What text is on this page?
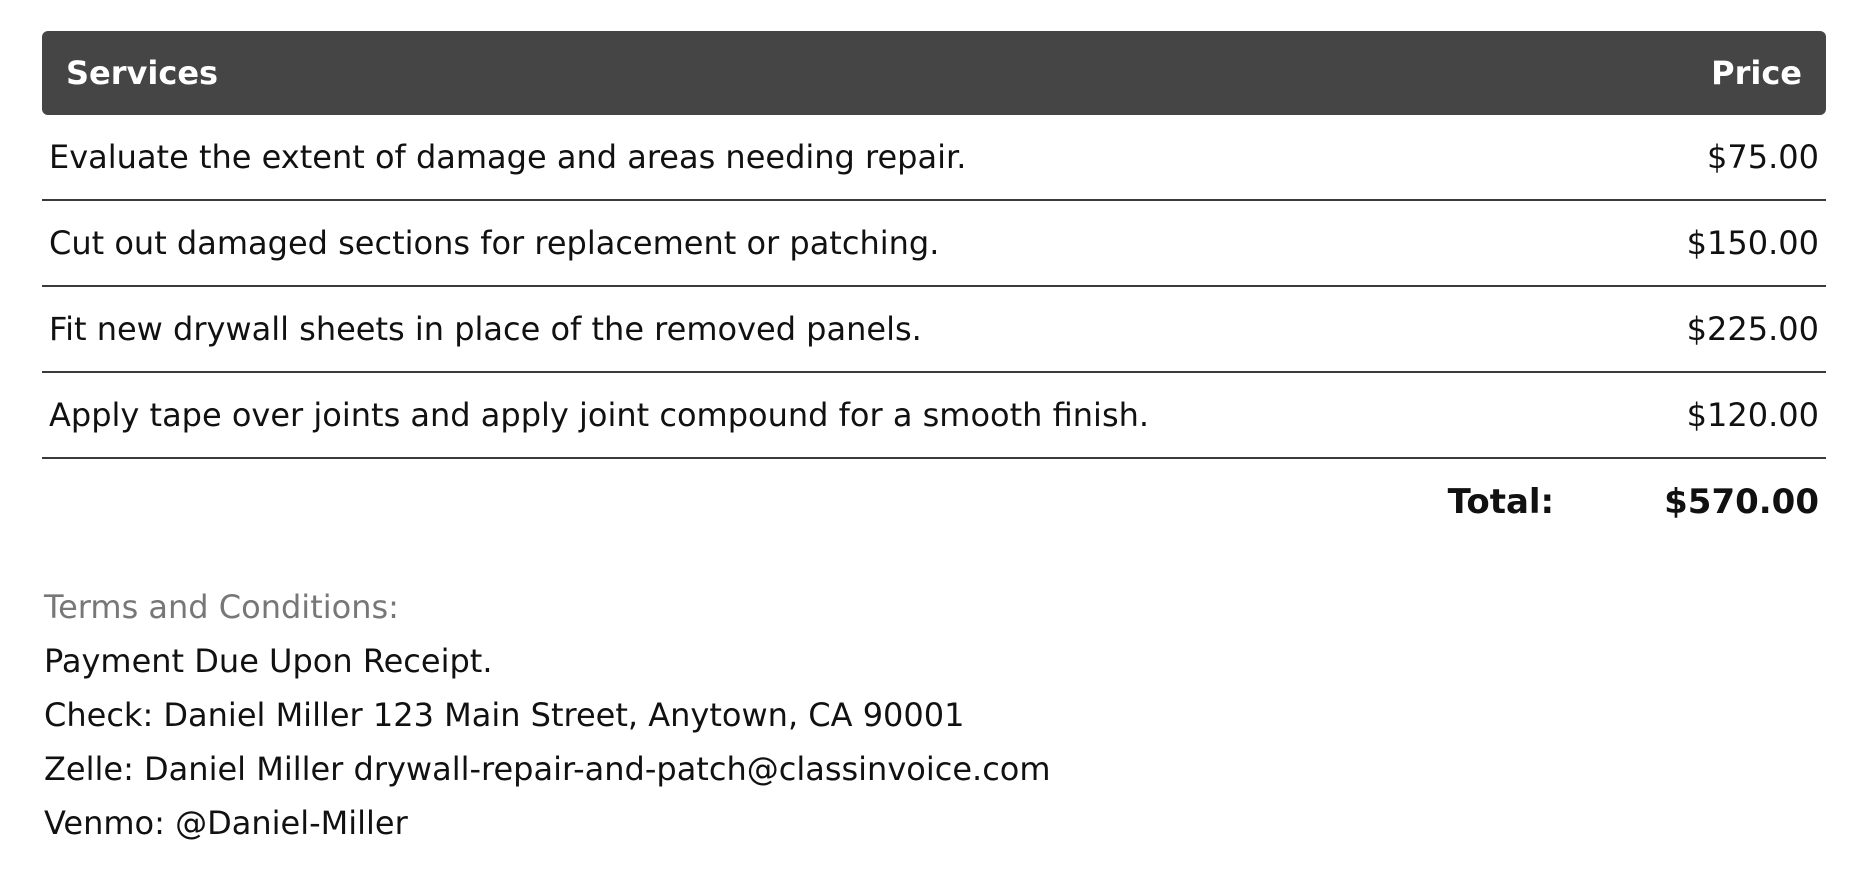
Services	Price
Evaluate the extent of damage and areas needing repair.	$75.00
Cut out damaged sections for replacement or patching.	$150.00
Fit new drywall sheets in place of the removed panels.	$225.00
Apply tape over joints and apply joint compound for a smooth finish.	$120.00
Total:	$570.00
Terms and Conditions:
Payment Due Upon Receipt.
Check: Daniel Miller 123 Main Street, Anytown, CA 90001
Zelle: Daniel Miller drywall-repair-and-patch@classinvoice.com
Venmo: @Daniel-Miller
